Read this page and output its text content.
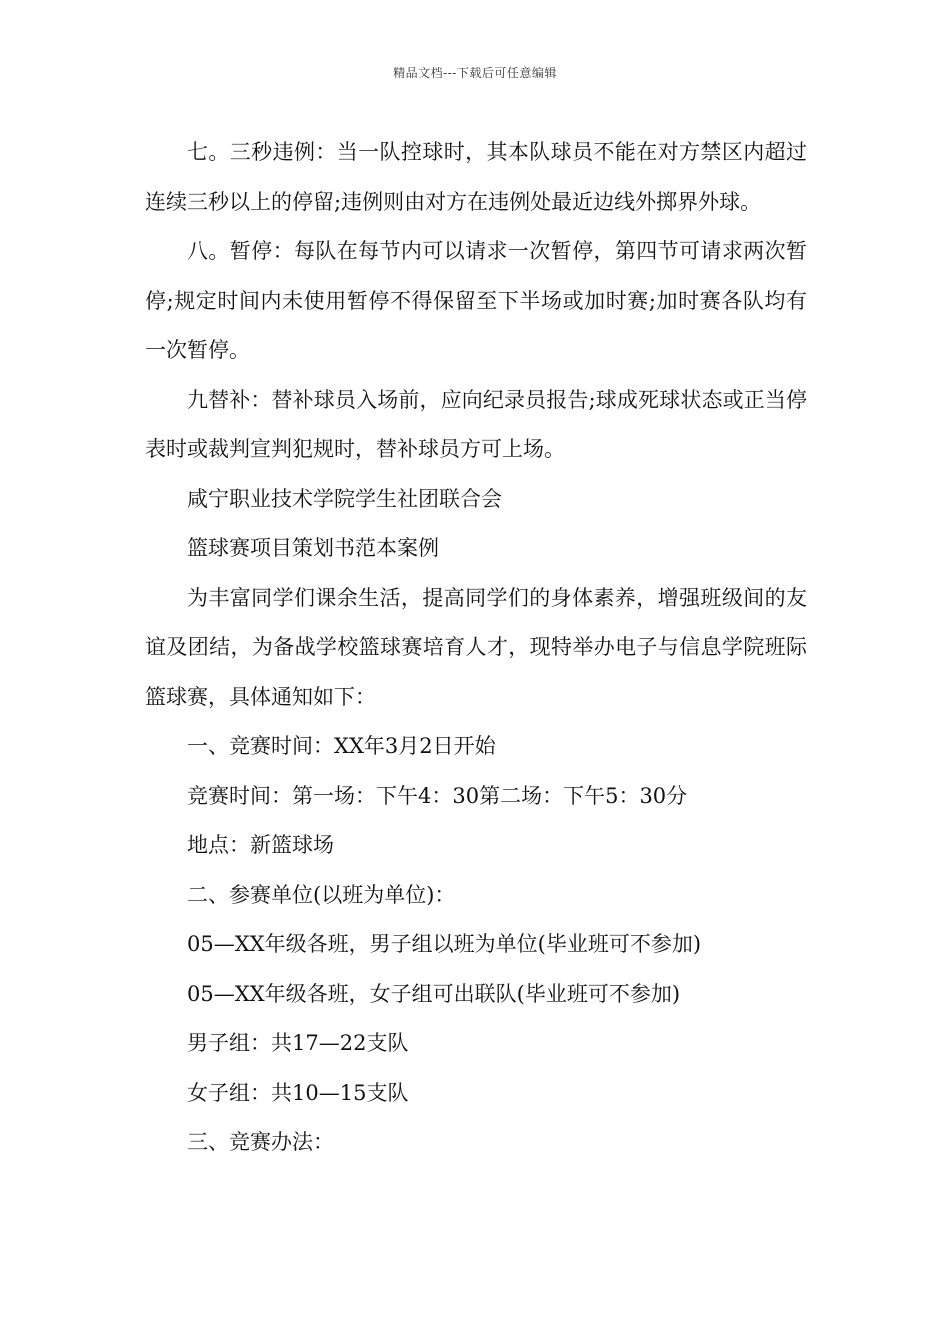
精品文档---下载后可任意编辑

七。三秒违例：当一队控球时，其本队球员不能在对方禁区内超过连续三秒以上的停留;违例则由对方在违例处最近边线外掷界外球。

八。暂停：每队在每节内可以请求一次暂停，第四节可请求两次暂停;规定时间内未使用暂停不得保留至下半场或加时赛;加时赛各队均有一次暂停。

九替补：替补球员入场前，应向纪录员报告;球成死球状态或正当停表时或裁判宣判犯规时，替补球员方可上场。

咸宁职业技术学院学生社团联合会

篮球赛项目策划书范本案例

为丰富同学们课余生活，提高同学们的身体素养，增强班级间的友谊及团结，为备战学校篮球赛培育人才，现特举办电子与信息学院班际篮球赛，具体通知如下：

一、竞赛时间：XX年3月2日开始

竞赛时间：第一场：下午4：30第二场：下午5：30分

地点：新篮球场

二、参赛单位(以班为单位)：

05—XX年级各班，男子组以班为单位(毕业班可不参加)

05—XX年级各班，女子组可出联队(毕业班可不参加)

男子组：共17—22支队

女子组：共10—15支队

三、竞赛办法：
